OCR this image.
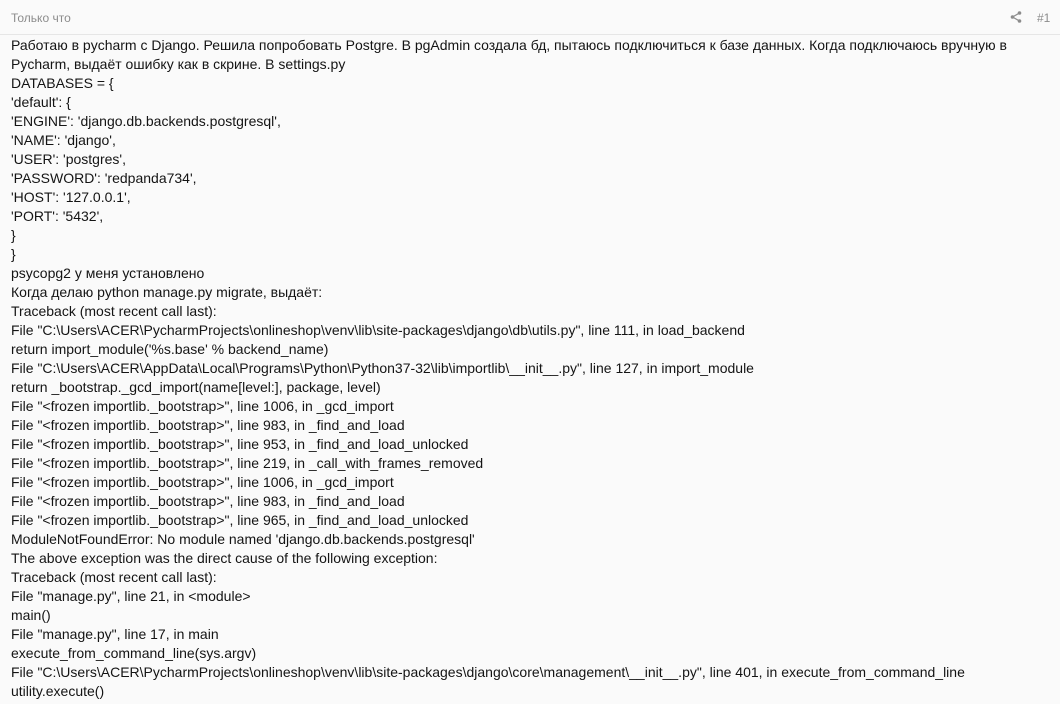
Только что	#1
Работаю в pycharm с Django. Решила попробовать Postgre. В pgAdmin создала бд, пытаюсь подключиться к базе данных. Когда подключаюсь вручную в Pycharm, выдаёт ошибку как в скрине. В settings.py
DATABASES = {
'default': {
'ENGINE': 'django.db.backends.postgresql',
'NAME': 'django',
'USER': 'postgres',
'PASSWORD': 'redpanda734',
'HOST': '127.0.0.1',
'PORT': '5432',
}
}
psycopg2 у меня установлено
Когда делаю python manage.py migrate, выдаёт:
Traceback (most recent call last):
File "C:\Users\ACER\PycharmProjects\onlineshop\venv\lib\site-packages\django\db\utils.py", line 111, in load_backend
return import_module('%s.base' % backend_name)
File "C:\Users\ACER\AppData\Local\Programs\Python\Python37-32\lib\importlib\__init__.py", line 127, in import_module
return _bootstrap._gcd_import(name[level:], package, level)
File "<frozen importlib._bootstrap>", line 1006, in _gcd_import
File "<frozen importlib._bootstrap>", line 983, in _find_and_load
File "<frozen importlib._bootstrap>", line 953, in _find_and_load_unlocked
File "<frozen importlib._bootstrap>", line 219, in _call_with_frames_removed
File "<frozen importlib._bootstrap>", line 1006, in _gcd_import
File "<frozen importlib._bootstrap>", line 983, in _find_and_load
File "<frozen importlib._bootstrap>", line 965, in _find_and_load_unlocked
ModuleNotFoundError: No module named 'django.db.backends.postgresql'
The above exception was the direct cause of the following exception:
Traceback (most recent call last):
File "manage.py", line 21, in <module>
main()
File "manage.py", line 17, in main
execute_from_command_line(sys.argv)
File "C:\Users\ACER\PycharmProjects\onlineshop\venv\lib\site-packages\django\core\management\__init__.py", line 401, in execute_from_command_line
utility.execute()
